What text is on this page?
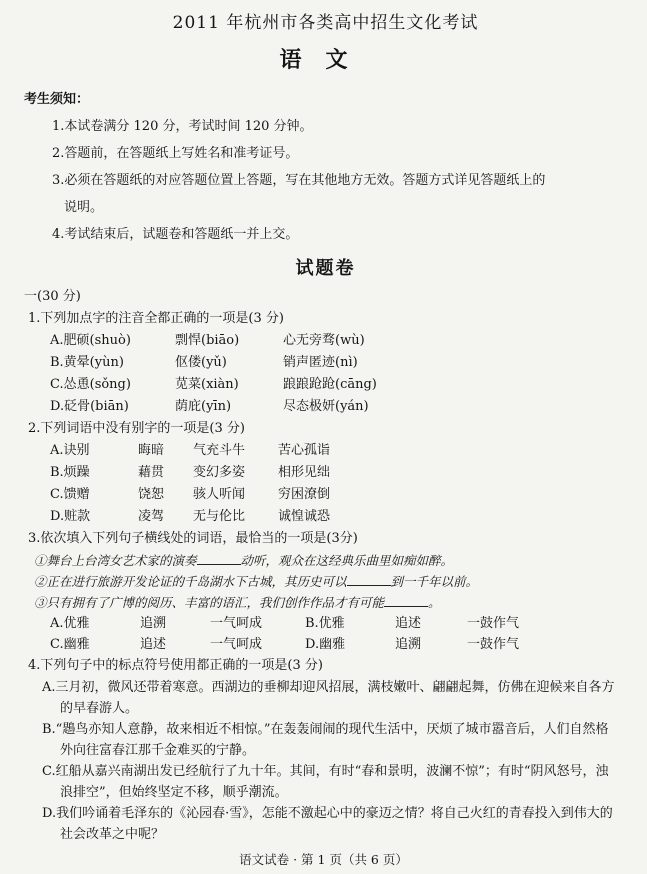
2011 年杭州市各类高中招生文化考试
语文
考生须知：
1.本试卷满分 120 分，考试时间 120 分钟。
2.答题前，在答题纸上写姓名和准考证号。
3.必须在答题纸的对应答题位置上答题，写在其他地方无效。答题方式详见答题纸上的
说明。
4.考试结束后，试题卷和答题纸一并上交。
试题卷
一(30 分)
1.下列加点字的注音全都正确的一项是(3 分)
A.肥硕(shuò)	剽悍(biāo)	心无旁骛(wù)
B.黄晕(yùn)	伛偻(yǔ)	销声匿迹(nì)
C.怂恿(sǒng)	苋菜(xiàn)	踉踉跄跄(cāng)
D.砭骨(biān)	荫庇(yīn)	尽态极妍(yán)
2.下列词语中没有别字的一项是(3 分)
A.诀别	晦暗	气充斗牛	苦心孤诣
B.烦躁	藉贯	变幻多姿	相形见绌
C.馈赠	饶恕	骇人听闻	穷困潦倒
D.赃款	凌驾	无与伦比	诚惶诚恐
3.依次填入下列句子横线处的词语，最恰当的一项是(3分)
①舞台上台湾女艺术家的演奏	动听，观众在这经典乐曲里如痴如醉。
②正在进行旅游开发论证的千岛湖水下古城，其历史可以	到一千年以前。
③只有拥有了广博的阅历、丰富的语汇，我们创作作品才有可能	。
A.优雅	追溯	一气呵成	B.优雅	追述	一鼓作气
C.幽雅	追述	一气呵成	D.幽雅	追溯	一鼓作气
4.下列句子中的标点符号使用都正确的一项是(3 分)
A.三月初，微风还带着寒意。西湖边的垂柳却迎风招展，满枝嫩叶、翩翩起舞，仿佛在迎候来自各方的早春游人。
B.“鶗鸟亦知人意静，故来相近不相惊。”在轰轰闹闹的现代生活中，厌烦了城市嚣音后，人们自然格外向往富春江那千金难买的宁静。
C.红船从嘉兴南湖出发已经航行了九十年。其间，有时“春和景明，波澜不惊”；有时“阴风怒号，浊浪排空”，但始终坚定不移，顺乎潮流。
D.我们吟诵着毛泽东的《沁园春·雪》，怎能不激起心中的豪迈之情？将自己火红的青春投入到伟大的社会改革之中呢？
语文试卷 · 第 1 页（共 6 页）
